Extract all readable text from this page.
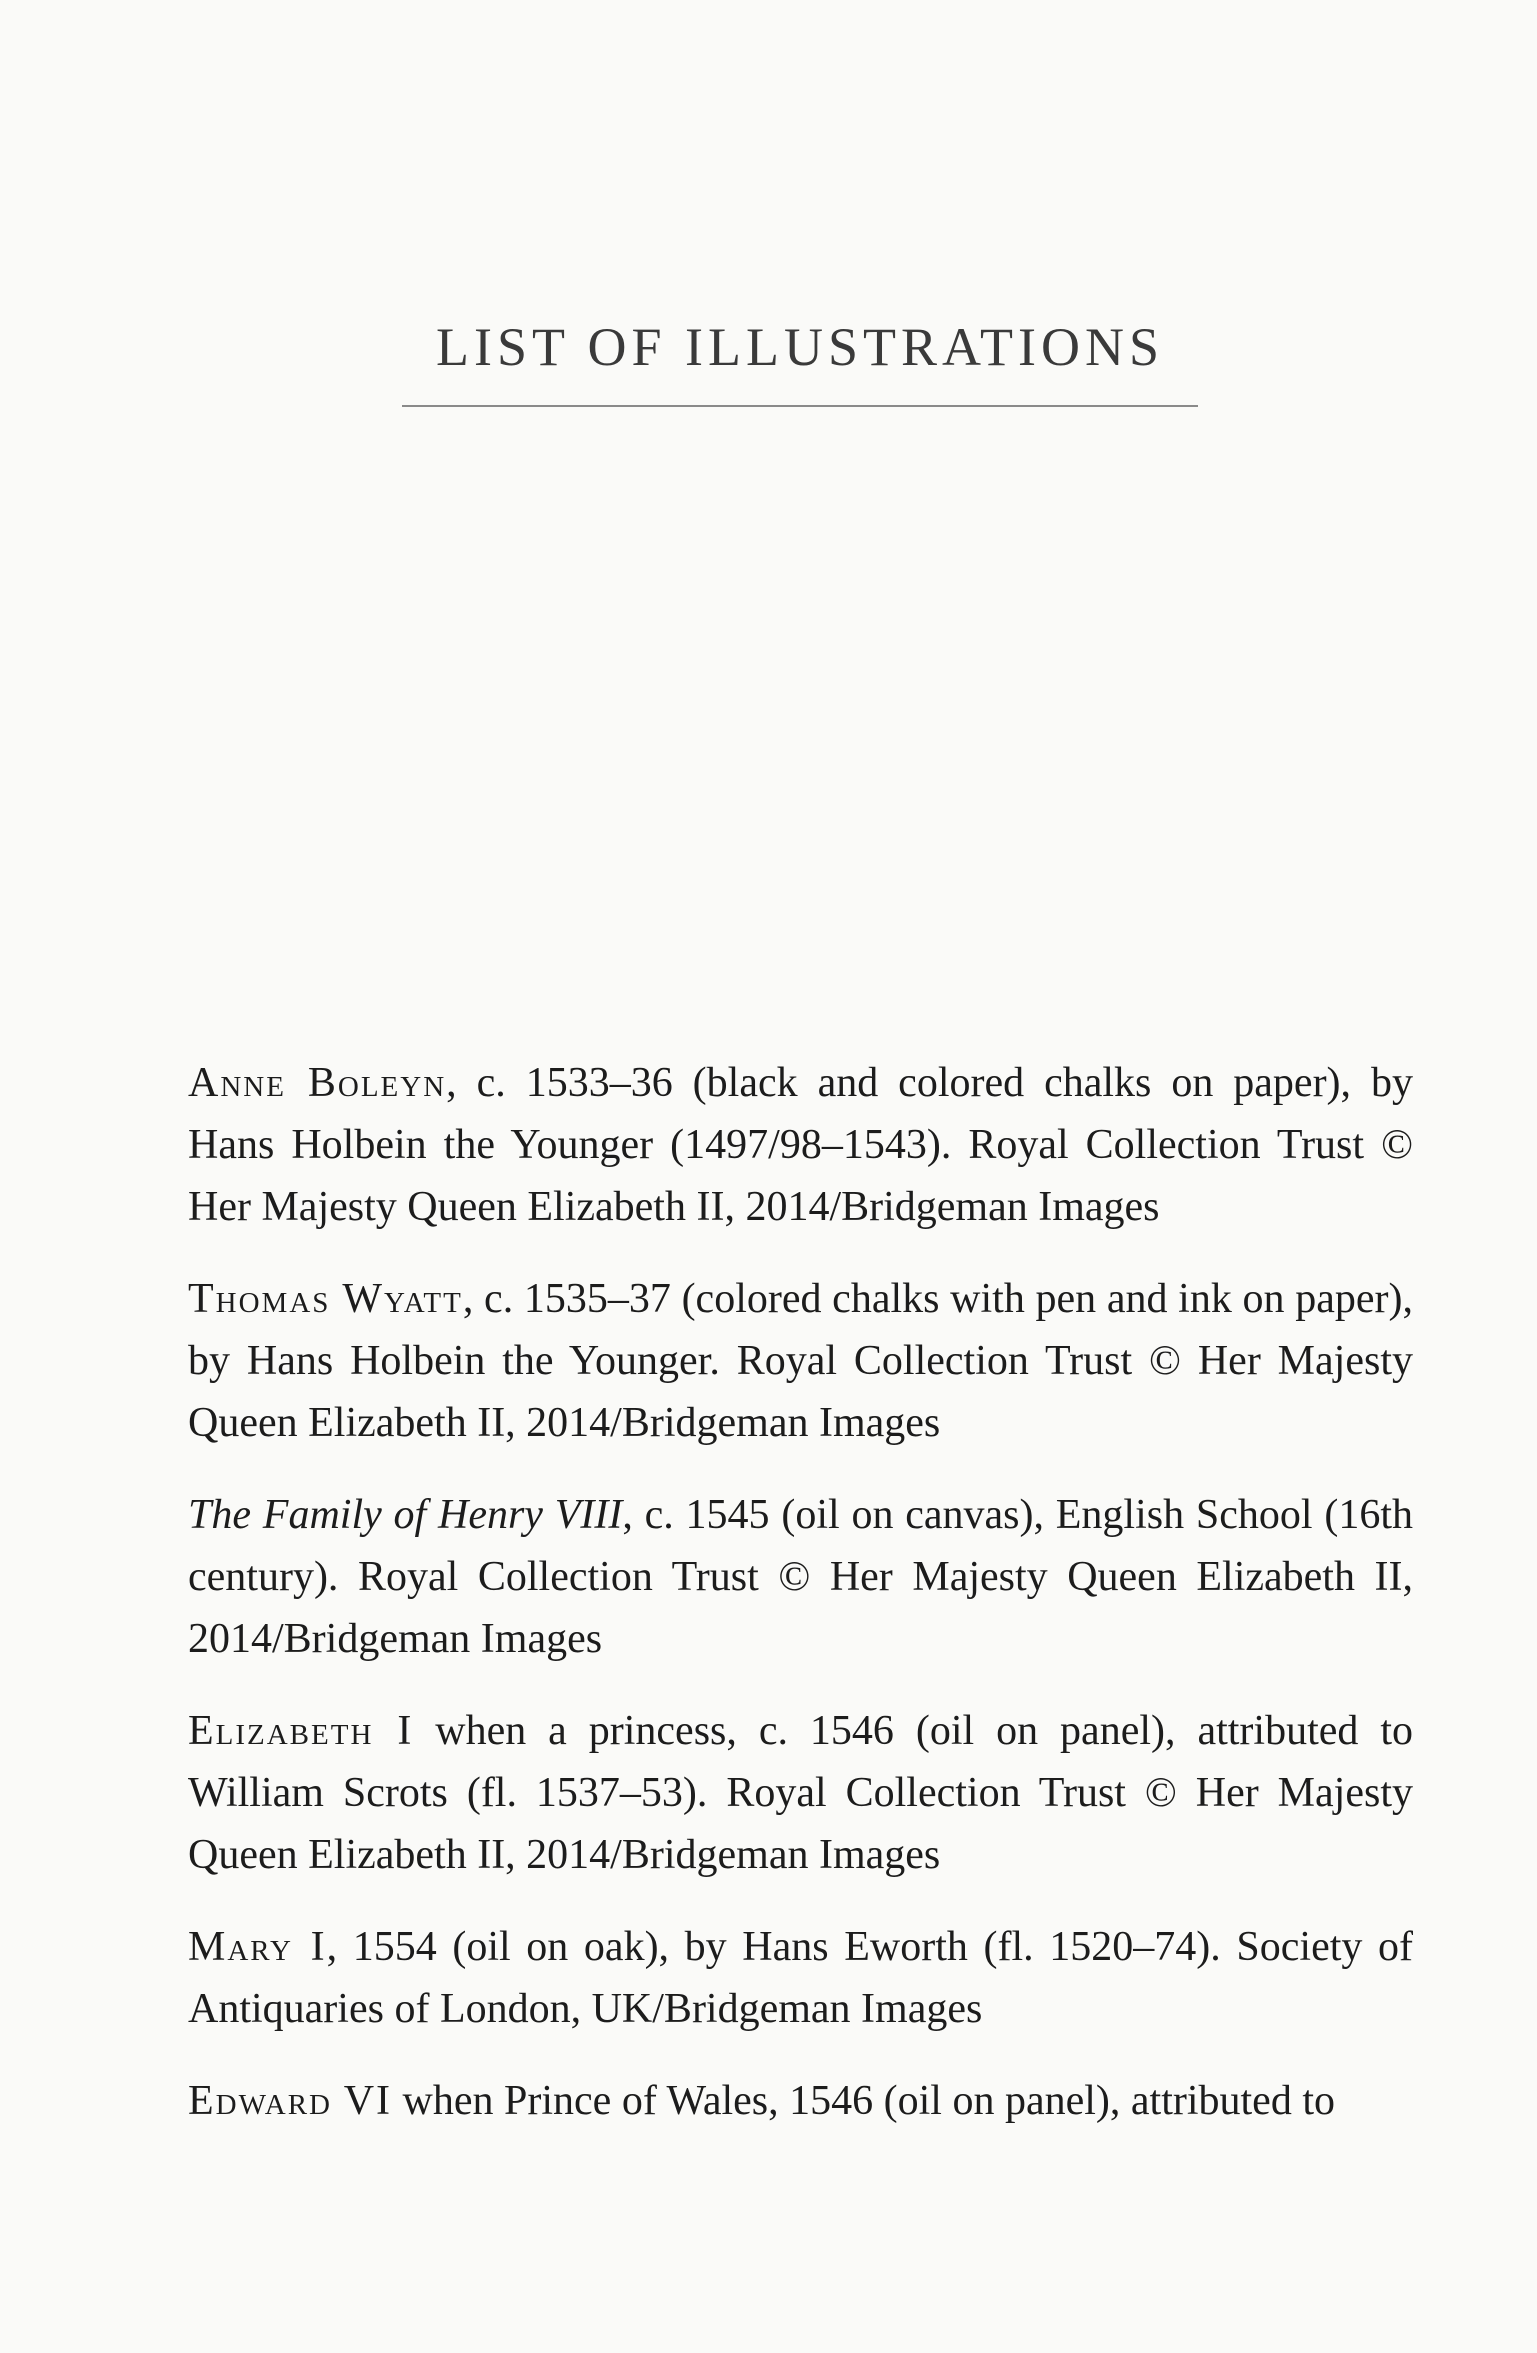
LIST OF ILLUSTRATIONS

Anne Boleyn, c. 1533–36 (black and colored chalks on paper), by Hans Holbein the Younger (1497/98–1543). Royal Collection Trust © Her Majesty Queen Elizabeth II, 2014/Bridgeman Images

Thomas Wyatt, c. 1535–37 (colored chalks with pen and ink on paper), by Hans Holbein the Younger. Royal Collection Trust © Her Majesty Queen Elizabeth II, 2014/Bridgeman Images

The Family of Henry VIII, c. 1545 (oil on canvas), English School (16th century). Royal Collection Trust © Her Majesty Queen Elizabeth II, 2014/Bridgeman Images

Elizabeth I when a princess, c. 1546 (oil on panel), attributed to William Scrots (fl. 1537–53). Royal Collection Trust © Her Majesty Queen Elizabeth II, 2014/Bridgeman Images

Mary I, 1554 (oil on oak), by Hans Eworth (fl. 1520–74). Society of Antiquaries of London, UK/Bridgeman Images

Edward VI when Prince of Wales, 1546 (oil on panel), attributed to
